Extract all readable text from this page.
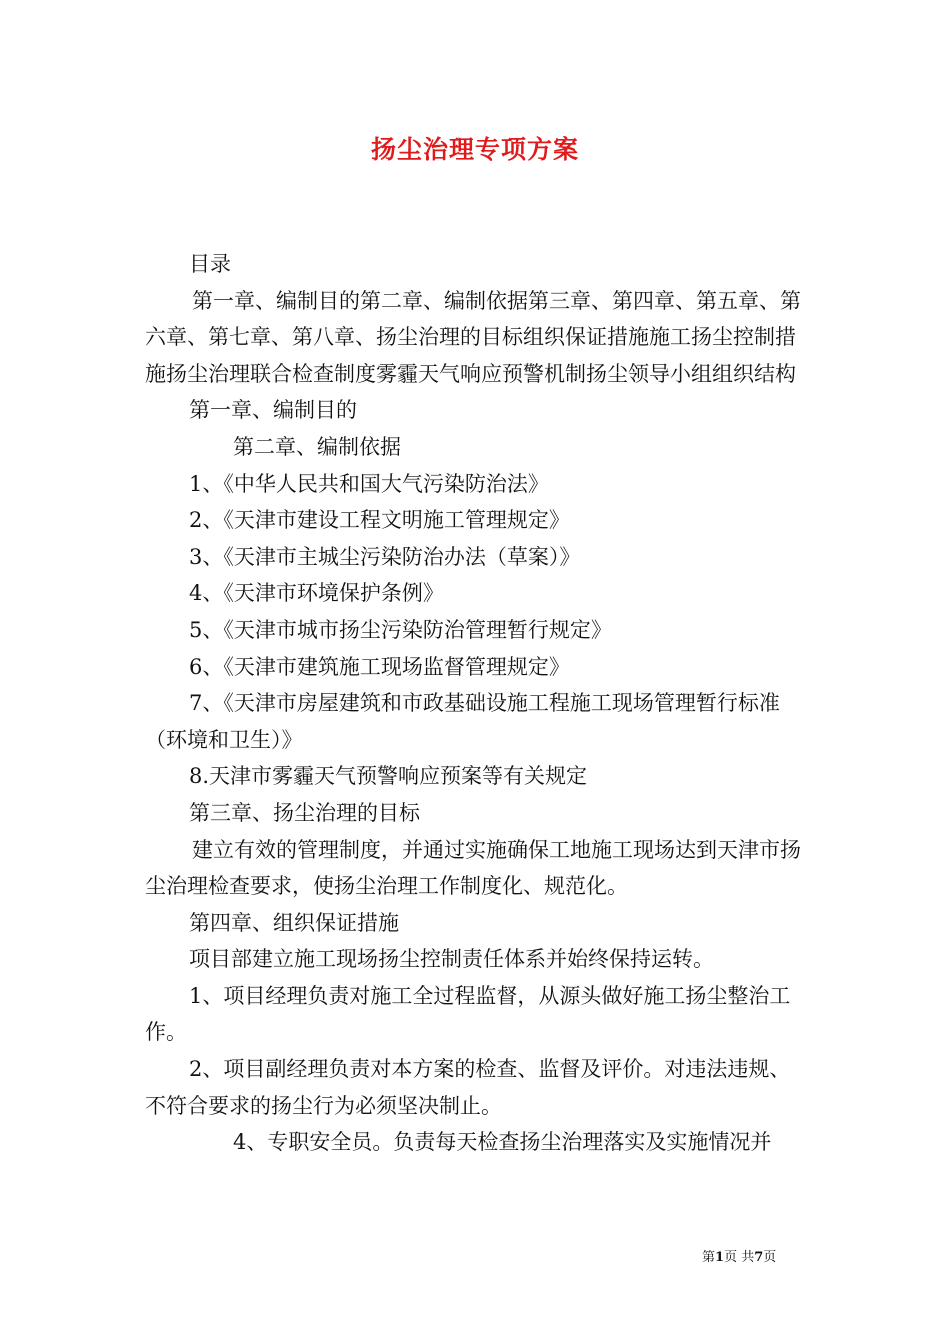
扬尘治理专项方案

目录

第一章、编制目的第二章、编制依据第三章、第四章、第五章、第六章、第七章、第八章、扬尘治理的目标组织保证措施施工扬尘控制措施扬尘治理联合检查制度雾霾天气响应预警机制扬尘领导小组组织结构

第一章、编制目的

第二章、编制依据

1、《中华人民共和国大气污染防治法》

2、《天津市建设工程文明施工管理规定》

3、《天津市主城尘污染防治办法（草案）》

4、《天津市环境保护条例》

5、《天津市城市扬尘污染防治管理暂行规定》

6、《天津市建筑施工现场监督管理规定》

7、《天津市房屋建筑和市政基础设施工程施工现场管理暂行标准（环境和卫生）》

8.天津市雾霾天气预警响应预案等有关规定

第三章、扬尘治理的目标

建立有效的管理制度，并通过实施确保工地施工现场达到天津市扬尘治理检查要求，使扬尘治理工作制度化、规范化。

第四章、组织保证措施

项目部建立施工现场扬尘控制责任体系并始终保持运转。

1、项目经理负责对施工全过程监督，从源头做好施工扬尘整治工作。

2、项目副经理负责对本方案的检查、监督及评价。对违法违规、不符合要求的扬尘行为必须坚决制止。

4、专职安全员。负责每天检查扬尘治理落实及实施情况并

第1页 共7页
